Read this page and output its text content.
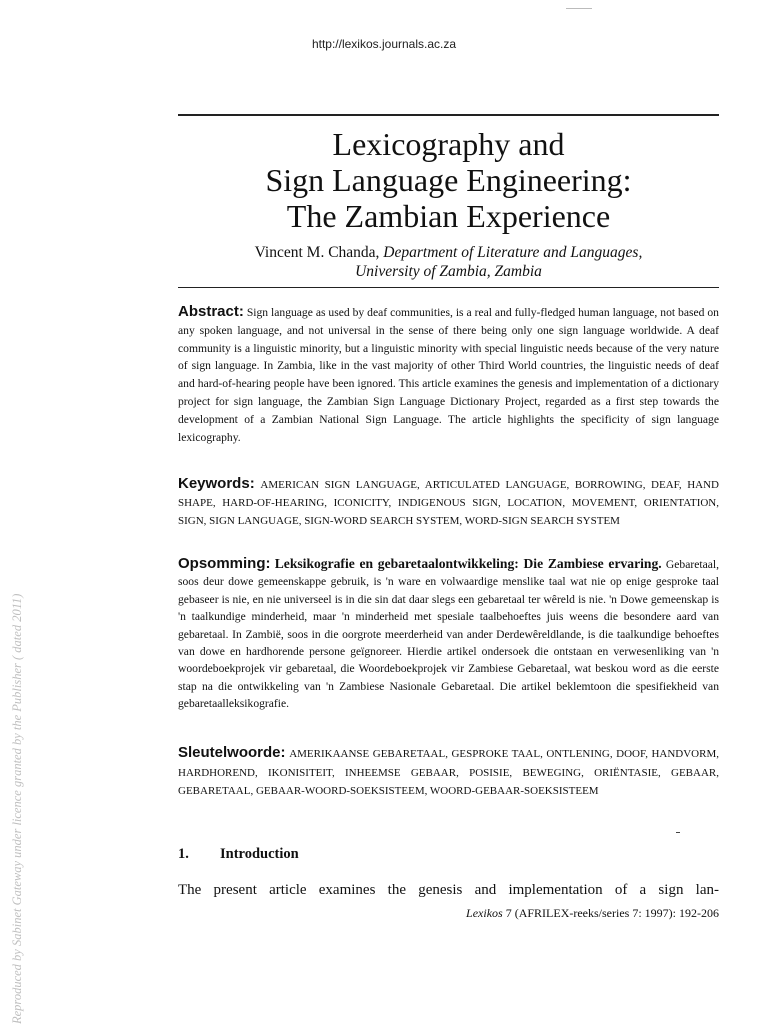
http://lexikos.journals.ac.za
Lexicography and
Sign Language Engineering:
The Zambian Experience
Vincent M. Chanda, Department of Literature and Languages,
University of Zambia, Zambia
Abstract: Sign language as used by deaf communities, is a real and fully-fledged human language, not based on any spoken language, and not universal in the sense of there being only one sign language worldwide. A deaf community is a linguistic minority, but a linguistic minority with special linguistic needs because of the very nature of sign language. In Zambia, like in the vast majority of other Third World countries, the linguistic needs of deaf and hard-of-hearing people have been ignored. This article examines the genesis and implementation of a dictionary project for sign language, the Zambian Sign Language Dictionary Project, regarded as a first step towards the development of a Zambian National Sign Language. The article highlights the specificity of sign language lexicography.
Keywords: AMERICAN SIGN LANGUAGE, ARTICULATED LANGUAGE, BORROWING, DEAF, HAND SHAPE, HARD-OF-HEARING, ICONICITY, INDIGENOUS SIGN, LOCATION, MOVEMENT, ORIENTATION, SIGN, SIGN LANGUAGE, SIGN-WORD SEARCH SYSTEM, WORD-SIGN SEARCH SYSTEM
Opsomming: Leksikografie en gebaretaalontwikkeling: Die Zambiese ervaring. Gebaretaal, soos deur dowe gemeenskappe gebruik, is 'n ware en volwaardige menslike taal wat nie op enige gesproke taal gebaseer is nie, en nie universeel is in die sin dat daar slegs een gebaretaal ter wêreld is nie. 'n Dowe gemeenskap is 'n taalkundige minderheid, maar 'n minderheid met spesiale taalbehoeftes juis weens die besondere aard van gebaretaal. In Zambië, soos in die oorgrote meerderheid van ander Derdewêreldlande, is die taalkundige behoeftes van dowe en hardhorende persone geïgnoreer. Hierdie artikel ondersoek die ontstaan en verwesenliking van 'n woordeboekprojek vir gebaretaal, die Woordeboekprojek vir Zambiese Gebaretaal, wat beskou word as die eerste stap na die ontwikkeling van 'n Zambiese Nasionale Gebaretaal. Die artikel beklemtoon die spesifiekheid van gebaretaalleksikografie.
Sleutelwoorde: AMERIKAANSE GEBARETAAL, GESPROKE TAAL, ONTLENING, DOOF, HANDVORM, HARDHOREND, IKONISITEIT, INHEEMSE GEBAAR, POSISIE, BEWEGING, ORIËNTASIE, GEBAAR, GEBARETAAL, GEBAAR-WOORD-SOEKSISTEEM, WOORD-GEBAAR-SOEKSISTEEM
1. Introduction
The present article examines the genesis and implementation of a sign lan-
Lexikos 7 (AFRILEX-reeks/series 7: 1997): 192-206
Reproduced by Sabinet Gateway under licence granted by the Publisher ( dated 2011)
